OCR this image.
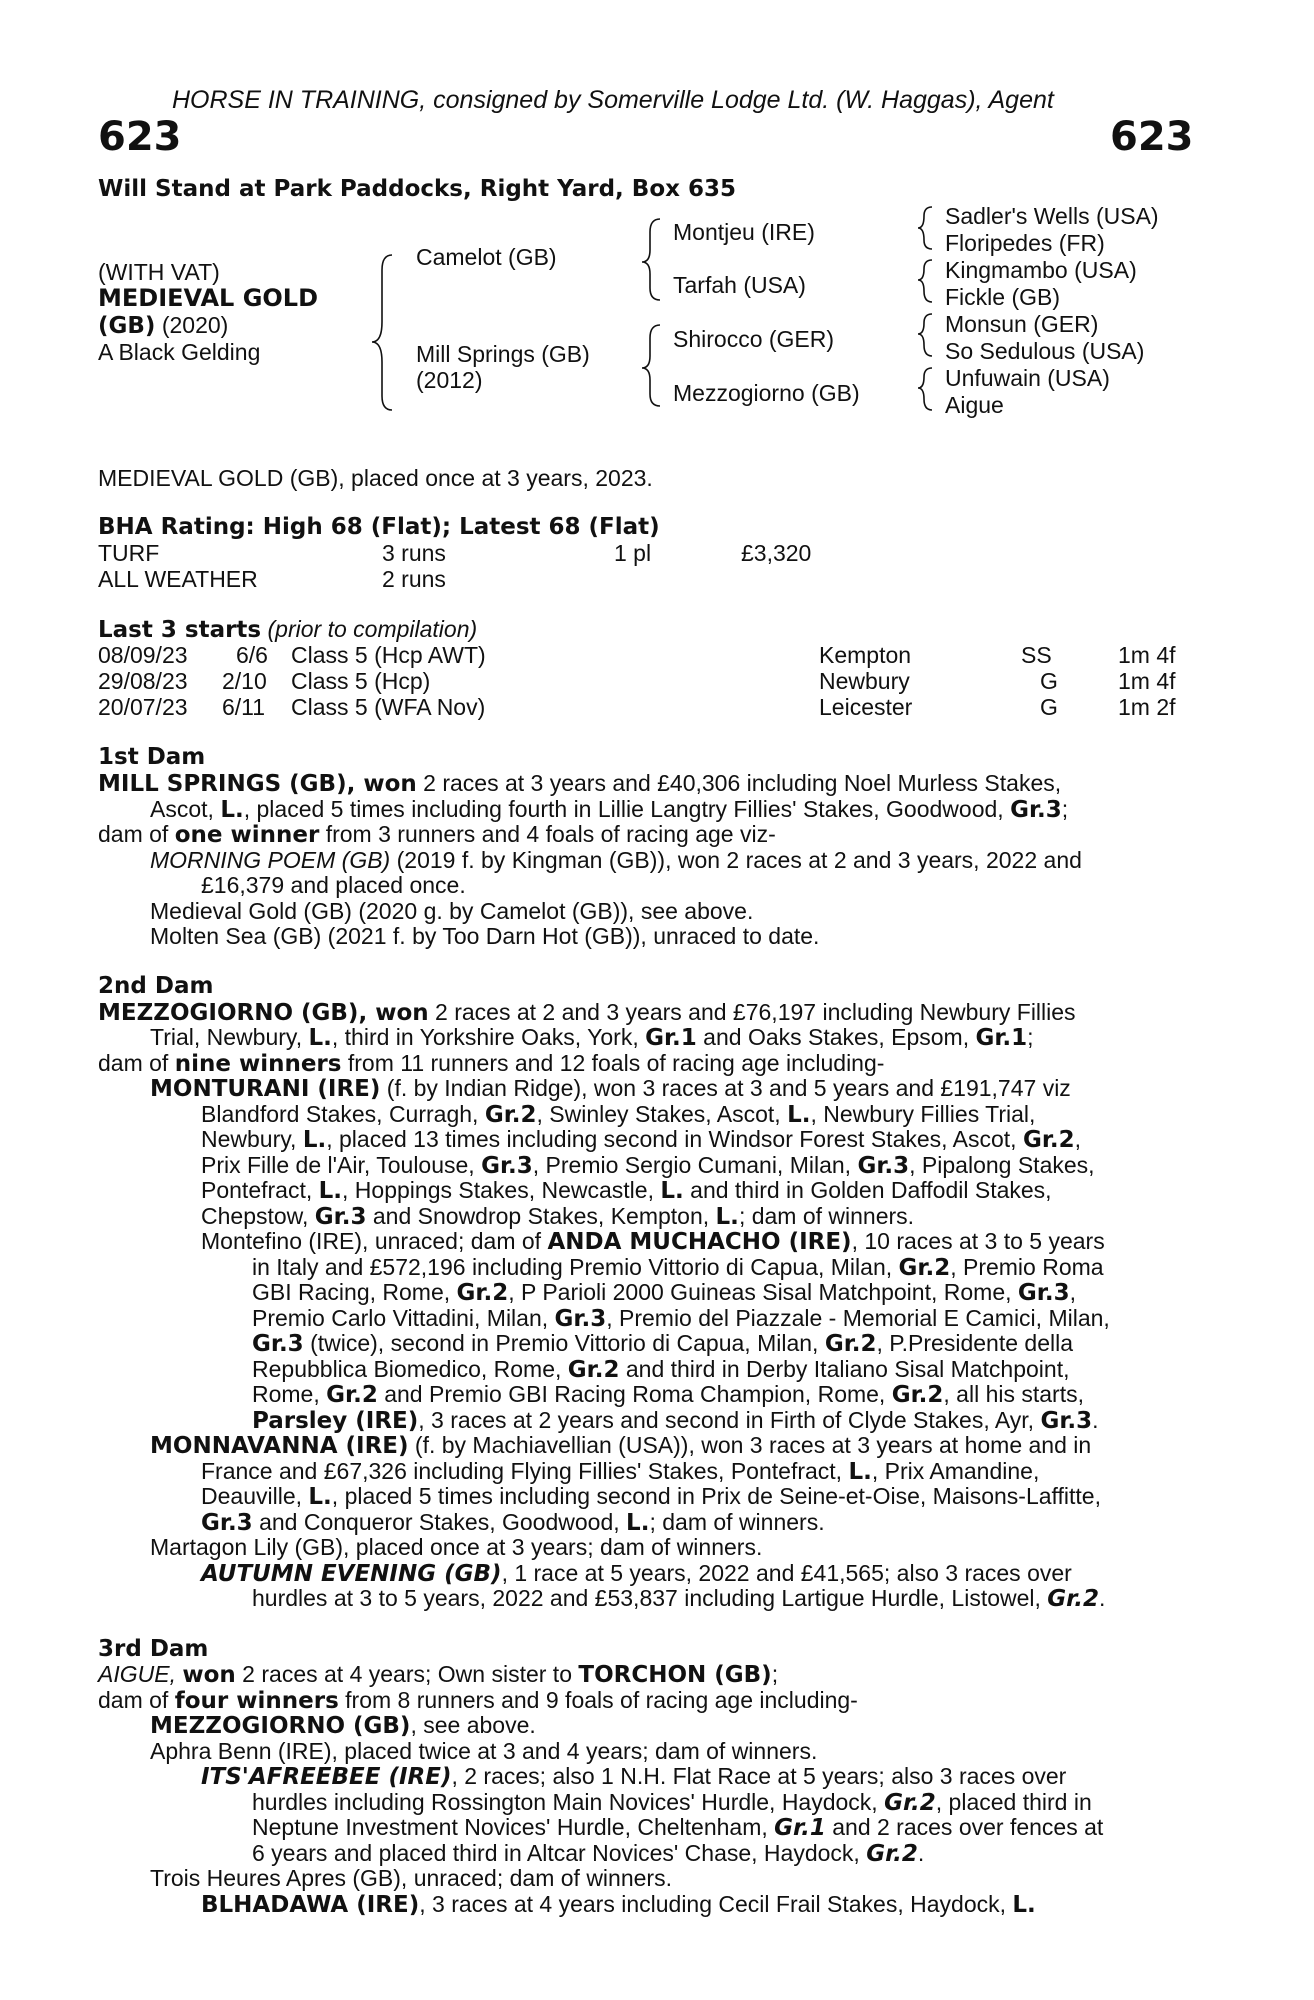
HORSE IN TRAINING, consigned by Somerville Lodge Ltd. (W. Haggas), Agent
623	623
Will Stand at Park Paddocks, Right Yard, Box 635
(WITH VAT)
MEDIEVAL GOLD
(GB) (2020)
A Black Gelding
Camelot (GB)
Mill Springs (GB)
(2012)
Montjeu (IRE)
Tarfah (USA)
Shirocco (GER)
Mezzogiorno (GB)
Sadler's Wells (USA)
Floripedes (FR)
Kingmambo (USA)
Fickle (GB)
Monsun (GER)
So Sedulous (USA)
Unfuwain (USA)
Aigue
MEDIEVAL GOLD (GB), placed once at 3 years, 2023.
BHA Rating: High 68 (Flat); Latest 68 (Flat)
TURF	3 runs	1 pl	£3,320
ALL WEATHER	2 runs
Last 3 starts (prior to compilation)
08/09/23 6/6 Class 5 (Hcp AWT)	Kempton	SS	1m 4f
29/08/23 2/10 Class 5 (Hcp)	Newbury	G	1m 4f
20/07/23 6/11 Class 5 (WFA Nov)	Leicester	G	1m 2f
1st Dam
MILL SPRINGS (GB), won 2 races at 3 years and £40,306 including Noel Murless Stakes,
Ascot, L., placed 5 times including fourth in Lillie Langtry Fillies' Stakes, Goodwood, Gr.3;
dam of one winner from 3 runners and 4 foals of racing age viz-
MORNING POEM (GB) (2019 f. by Kingman (GB)), won 2 races at 2 and 3 years, 2022 and
£16,379 and placed once.
Medieval Gold (GB) (2020 g. by Camelot (GB)), see above.
Molten Sea (GB) (2021 f. by Too Darn Hot (GB)), unraced to date.
2nd Dam
MEZZOGIORNO (GB), won 2 races at 2 and 3 years and £76,197 including Newbury Fillies
Trial, Newbury, L., third in Yorkshire Oaks, York, Gr.1 and Oaks Stakes, Epsom, Gr.1;
dam of nine winners from 11 runners and 12 foals of racing age including-
MONTURANI (IRE) (f. by Indian Ridge), won 3 races at 3 and 5 years and £191,747 viz
Blandford Stakes, Curragh, Gr.2, Swinley Stakes, Ascot, L., Newbury Fillies Trial,
Newbury, L., placed 13 times including second in Windsor Forest Stakes, Ascot, Gr.2,
Prix Fille de l'Air, Toulouse, Gr.3, Premio Sergio Cumani, Milan, Gr.3, Pipalong Stakes,
Pontefract, L., Hoppings Stakes, Newcastle, L. and third in Golden Daffodil Stakes,
Chepstow, Gr.3 and Snowdrop Stakes, Kempton, L.; dam of winners.
Montefino (IRE), unraced; dam of ANDA MUCHACHO (IRE), 10 races at 3 to 5 years
in Italy and £572,196 including Premio Vittorio di Capua, Milan, Gr.2, Premio Roma
GBI Racing, Rome, Gr.2, P Parioli 2000 Guineas Sisal Matchpoint, Rome, Gr.3,
Premio Carlo Vittadini, Milan, Gr.3, Premio del Piazzale - Memorial E Camici, Milan,
Gr.3 (twice), second in Premio Vittorio di Capua, Milan, Gr.2, P.Presidente della
Repubblica Biomedico, Rome, Gr.2 and third in Derby Italiano Sisal Matchpoint,
Rome, Gr.2 and Premio GBI Racing Roma Champion, Rome, Gr.2, all his starts,
Parsley (IRE), 3 races at 2 years and second in Firth of Clyde Stakes, Ayr, Gr.3.
MONNAVANNA (IRE) (f. by Machiavellian (USA)), won 3 races at 3 years at home and in
France and £67,326 including Flying Fillies' Stakes, Pontefract, L., Prix Amandine,
Deauville, L., placed 5 times including second in Prix de Seine-et-Oise, Maisons-Laffitte,
Gr.3 and Conqueror Stakes, Goodwood, L.; dam of winners.
Martagon Lily (GB), placed once at 3 years; dam of winners.
AUTUMN EVENING (GB), 1 race at 5 years, 2022 and £41,565; also 3 races over
hurdles at 3 to 5 years, 2022 and £53,837 including Lartigue Hurdle, Listowel, Gr.2.
3rd Dam
AIGUE, won 2 races at 4 years; Own sister to TORCHON (GB);
dam of four winners from 8 runners and 9 foals of racing age including-
MEZZOGIORNO (GB), see above.
Aphra Benn (IRE), placed twice at 3 and 4 years; dam of winners.
ITS'AFREEBEE (IRE), 2 races; also 1 N.H. Flat Race at 5 years; also 3 races over
hurdles including Rossington Main Novices' Hurdle, Haydock, Gr.2, placed third in
Neptune Investment Novices' Hurdle, Cheltenham, Gr.1 and 2 races over fences at
6 years and placed third in Altcar Novices' Chase, Haydock, Gr.2.
Trois Heures Apres (GB), unraced; dam of winners.
BLHADAWA (IRE), 3 races at 4 years including Cecil Frail Stakes, Haydock, L.
